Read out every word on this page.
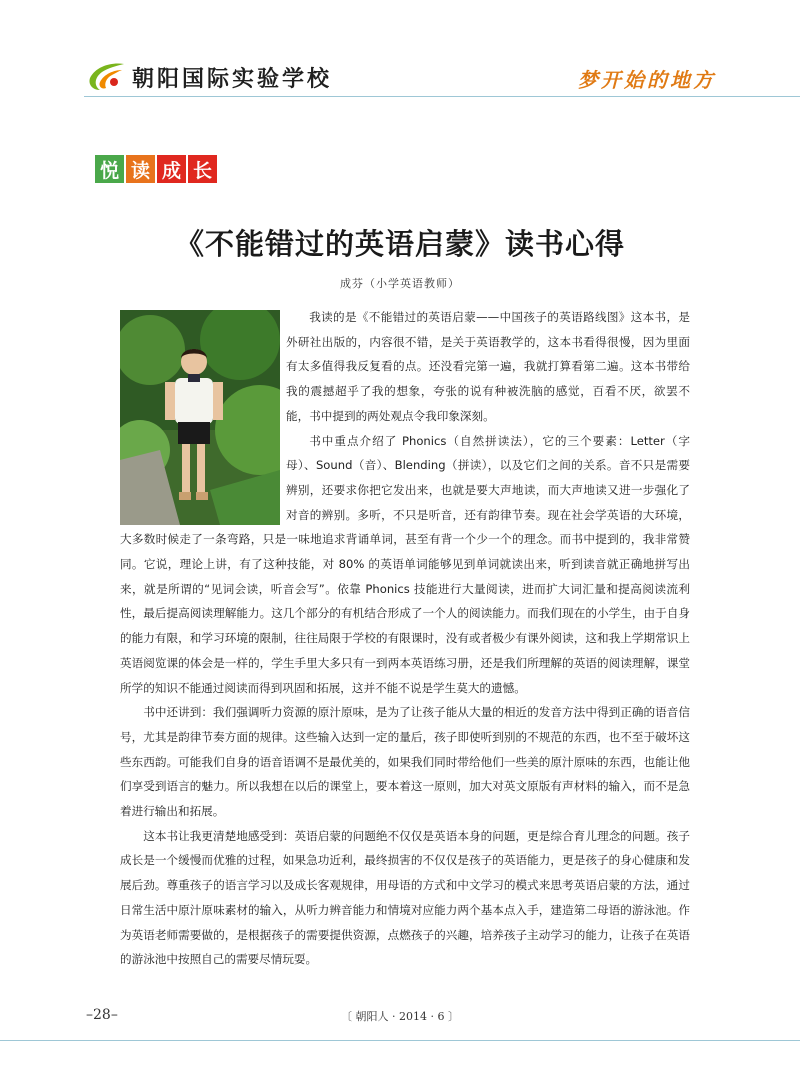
朝阳国际实验学校	梦开始的地方
悦 读 成 长
《不能错过的英语启蒙》读书心得
成芬（小学英语教师）

我读的是《不能错过的英语启蒙——中国孩子的英语路线图》这本书，是外研社出版的，内容很不错，是关于英语教学的，这本书看得很慢，因为里面有太多值得我反复看的点。还没看完第一遍，我就打算看第二遍。这本书带给我的震撼超乎了我的想象，夸张的说有种被洗脑的感觉，百看不厌，欲罢不能，书中提到的两处观点令我印象深刻。

书中重点介绍了 Phonics（自然拼读法），它的三个要素：Letter（字母）、Sound（音）、Blending（拼读），以及它们之间的关系。音不只是需要辨别，还要求你把它发出来，也就是要大声地读，而大声地读又进一步强化了对音的辨别。多听，不只是听音，还有韵律节奏。现在社会学英语的大环境，大多数时候走了一条弯路，只是一味地追求背诵单词，甚至有背一个少一个的理念。而书中提到的，我非常赞同。它说，理论上讲，有了这种技能，对 80% 的英语单词能够见到单词就读出来，听到读音就正确地拼写出来，就是所谓的“见词会读，听音会写”。依靠 Phonics 技能进行大量阅读，进而扩大词汇量和提高阅读流利性，最后提高阅读理解能力。这几个部分的有机结合形成了一个人的阅读能力。而我们现在的小学生，由于自身的能力有限，和学习环境的限制，往往局限于学校的有限课时，没有或者极少有课外阅读，这和我上学期常识上英语阅览课的体会是一样的，学生手里大多只有一到两本英语练习册，还是我们所理解的英语的阅读理解，课堂所学的知识不能通过阅读而得到巩固和拓展，这并不能不说是学生莫大的遗憾。

书中还讲到：我们强调听力资源的原汁原味，是为了让孩子能从大量的相近的发音方法中得到正确的语音信号，尤其是韵律节奏方面的规律。这些输入达到一定的量后，孩子即使听到别的不规范的东西，也不至于破坏这些东西韵。可能我们自身的语音语调不是最优美的，如果我们同时带给他们一些美的原汁原味的东西，也能让他们享受到语言的魅力。所以我想在以后的课堂上，要本着这一原则，加大对英文原版有声材料的输入，而不是急着进行输出和拓展。

这本书让我更清楚地感受到：英语启蒙的问题绝不仅仅是英语本身的问题，更是综合育儿理念的问题。孩子成长是一个缓慢而优雅的过程，如果急功近利，最终损害的不仅仅是孩子的英语能力，更是孩子的身心健康和发展后劲。尊重孩子的语言学习以及成长客观规律，用母语的方式和中文学习的模式来思考英语启蒙的方法，通过日常生活中原汁原味素材的输入，从听力辨音能力和情境对应能力两个基本点入手，建造第二母语的游泳池。作为英语老师需要做的，是根据孩子的需要提供资源，点燃孩子的兴趣，培养孩子主动学习的能力，让孩子在英语的游泳池中按照自己的需要尽情玩耍。

–28–	〔 朝阳人 · 2014 · 6 〕
